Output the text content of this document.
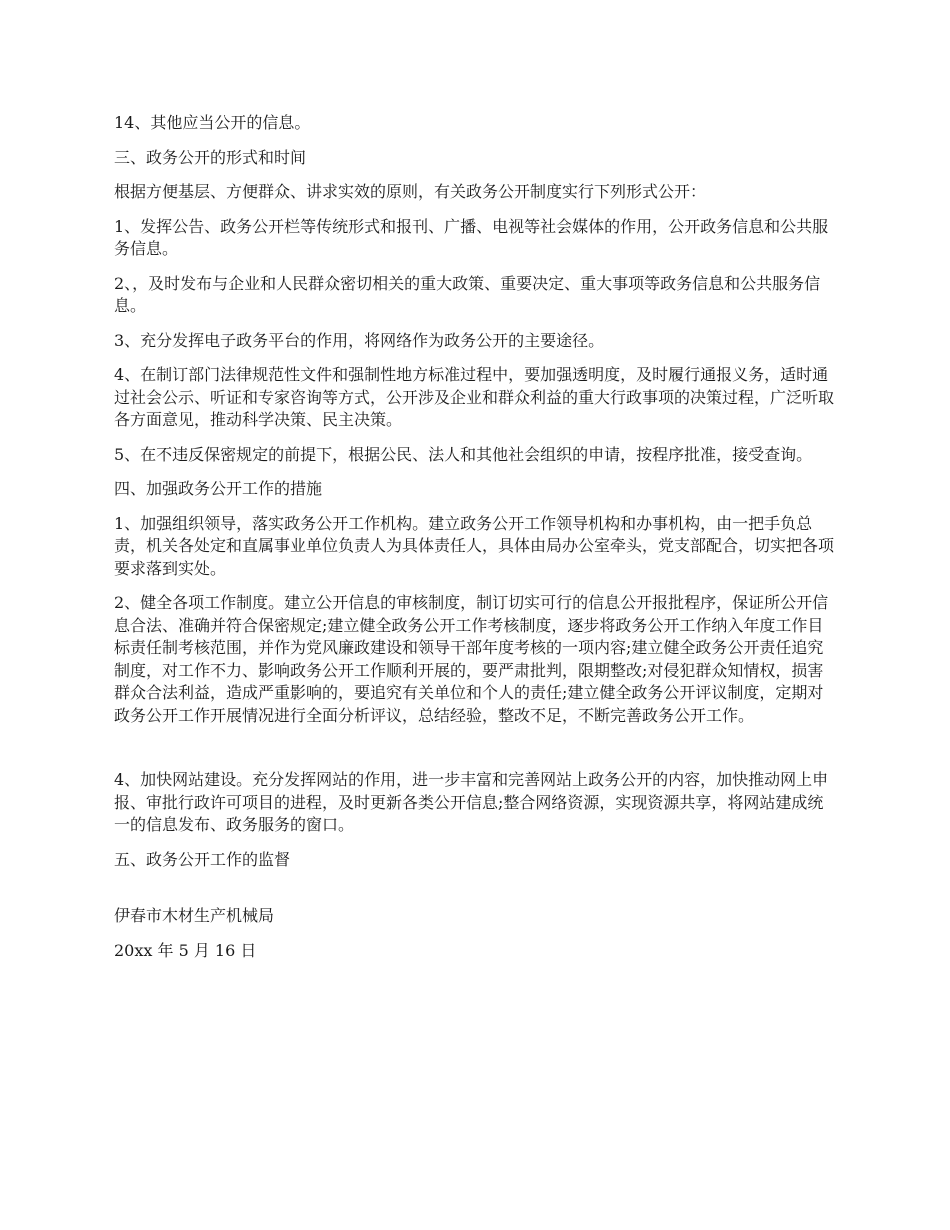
14、其他应当公开的信息。

三、政务公开的形式和时间

根据方便基层、方便群众、讲求实效的原则，有关政务公开制度实行下列形式公开：

1、发挥公告、政务公开栏等传统形式和报刊、广播、电视等社会媒体的作用，公开政务信息和公共服务信息。

2、，及时发布与企业和人民群众密切相关的重大政策、重要决定、重大事项等政务信息和公共服务信息。

3、充分发挥电子政务平台的作用，将网络作为政务公开的主要途径。

4、在制订部门法律规范性文件和强制性地方标准过程中，要加强透明度，及时履行通报义务，适时通过社会公示、听证和专家咨询等方式，公开涉及企业和群众利益的重大行政事项的决策过程，广泛听取各方面意见，推动科学决策、民主决策。

5、在不违反保密规定的前提下，根据公民、法人和其他社会组织的申请，按程序批准，接受查询。

四、加强政务公开工作的措施

1、加强组织领导，落实政务公开工作机构。建立政务公开工作领导机构和办事机构，由一把手负总责，机关各处定和直属事业单位负责人为具体责任人，具体由局办公室牵头，党支部配合，切实把各项要求落到实处。

2、健全各项工作制度。建立公开信息的审核制度，制订切实可行的信息公开报批程序，保证所公开信息合法、准确并符合保密规定;建立健全政务公开工作考核制度，逐步将政务公开工作纳入年度工作目标责任制考核范围，并作为党风廉政建设和领导干部年度考核的一项内容;建立健全政务公开责任追究制度，对工作不力、影响政务公开工作顺利开展的，要严肃批判，限期整改;对侵犯群众知情权，损害群众合法利益，造成严重影响的，要追究有关单位和个人的责任;建立健全政务公开评议制度，定期对政务公开工作开展情况进行全面分析评议，总结经验，整改不足，不断完善政务公开工作。

4、加快网站建设。充分发挥网站的作用，进一步丰富和完善网站上政务公开的内容，加快推动网上申报、审批行政许可项目的进程，及时更新各类公开信息;整合网络资源，实现资源共享，将网站建成统一的信息发布、政务服务的窗口。

五、政务公开工作的监督

伊春市木材生产机械局

20xx 年 5 月 16 日
